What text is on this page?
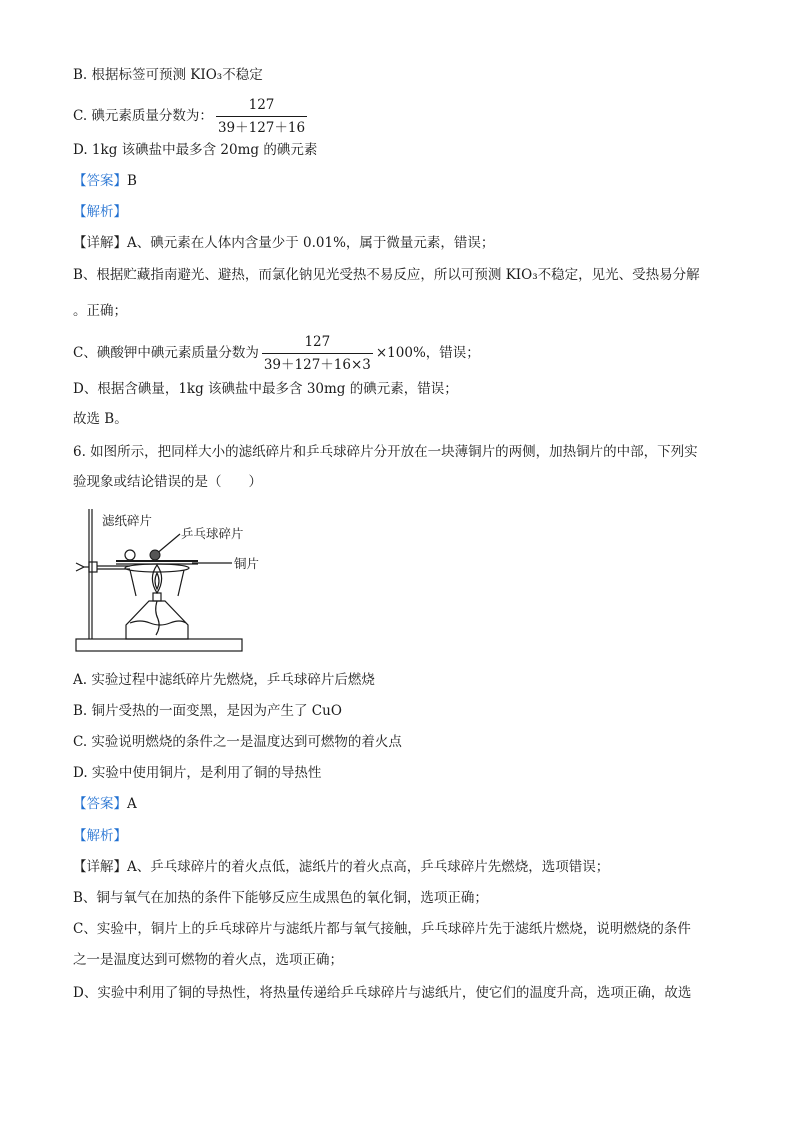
B. 根据标签可预测 KIO₃不稳定
C. 碘元素质量分数为： $\frac{127}{39+127+16}$
D. 1kg 该碘盐中最多含 20mg 的碘元素
【答案】B
【解析】
【详解】A、碘元素在人体内含量少于 0.01%，属于微量元素，错误；
B、根据贮藏指南避光、避热，而氯化钠见光受热不易反应，所以可预测 KIO₃不稳定，见光、受热易分解
。正确；
C、碘酸钾中碘元素质量分数为 $\frac{127}{39+127+16\times 3} \times 100\%$，错误；
D、根据含碘量，1kg 该碘盐中最多含 30mg 的碘元素，错误；
故选 B。
6. 如图所示，把同样大小的滤纸碎片和乒乓球碎片分开放在一块薄铜片的两侧，加热铜片的中部，下列实
验现象或结论错误的是（　　）
滤纸碎片
乒乓球碎片
铜片
A. 实验过程中滤纸碎片先燃烧，乒乓球碎片后燃烧
B. 铜片受热的一面变黑，是因为产生了 CuO
C. 实验说明燃烧的条件之一是温度达到可燃物的着火点
D. 实验中使用铜片，是利用了铜的导热性
【答案】A
【解析】
【详解】A、乒乓球碎片的着火点低，滤纸片的着火点高，乒乓球碎片先燃烧，选项错误；
B、铜与氧气在加热的条件下能够反应生成黑色的氧化铜，选项正确；
C、实验中，铜片上的乒乓球碎片与滤纸片都与氧气接触，乒乓球碎片先于滤纸片燃烧，说明燃烧的条件
之一是温度达到可燃物的着火点，选项正确；
D、实验中利用了铜的导热性，将热量传递给乒乓球碎片与滤纸片，使它们的温度升高，选项正确，故选
